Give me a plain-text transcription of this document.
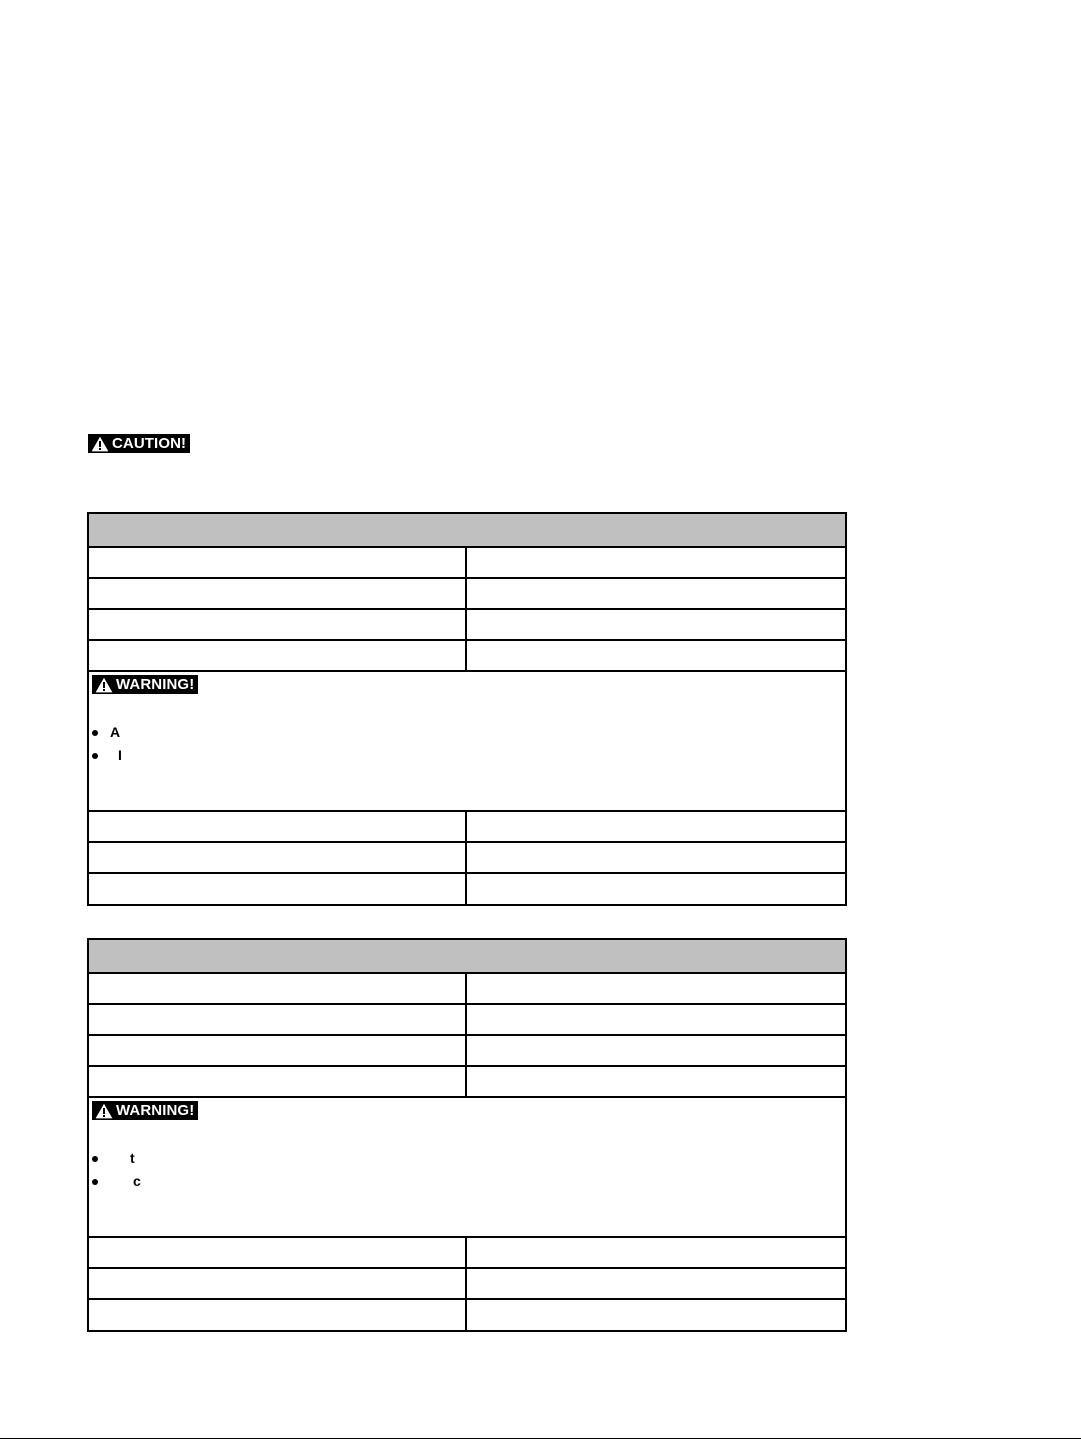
CAUTION!
WARNING!
A
I
WARNING!
t
c
